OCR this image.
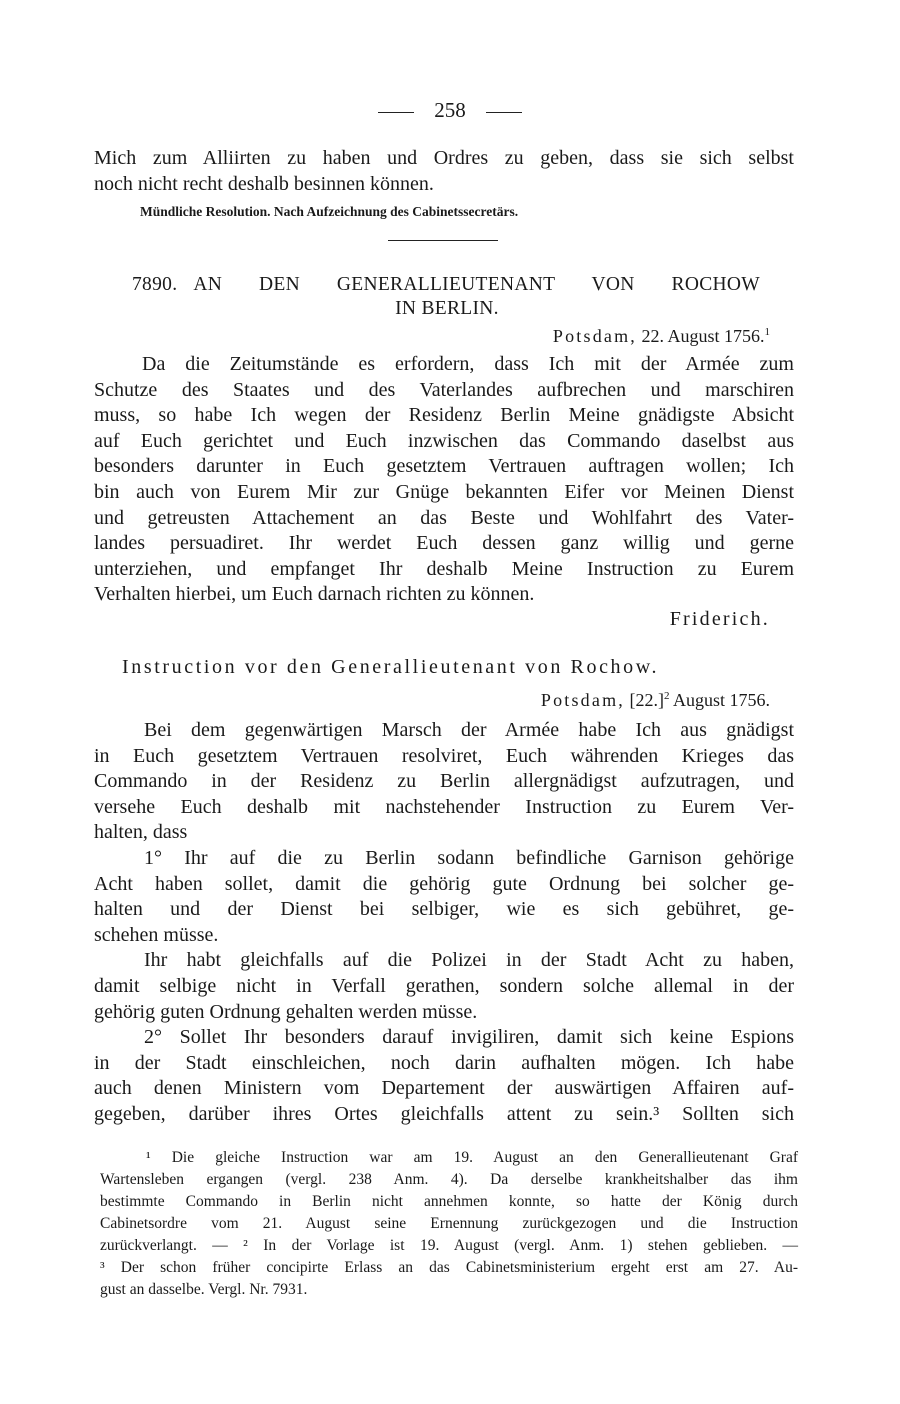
258
Mich zum Alliirten zu haben und Ordres zu geben, dass sie sich selbst
noch nicht recht deshalb besinnen können.
Mündliche Resolution. Nach Aufzeichnung des Cabinetssecretärs.
7890. AN DEN GENERALLIEUTENANT VON ROCHOW
IN BERLIN.
Potsdam, 22. August 1756.$^1$
Da die Zeitumstände es erfordern, dass Ich mit der Armée zum
Schutze des Staates und des Vaterlandes aufbrechen und marschiren
muss, so habe Ich wegen der Residenz Berlin Meine gnädigste Absicht
auf Euch gerichtet und Euch inzwischen das Commando daselbst aus
besonders darunter in Euch gesetztem Vertrauen auftragen wollen; Ich
bin auch von Eurem Mir zur Gnüge bekannten Eifer vor Meinen Dienst
und getreusten Attachement an das Beste und Wohlfahrt des Vater-
landes persuadiret. Ihr werdet Euch dessen ganz willig und gerne
unterziehen, und empfanget Ihr deshalb Meine Instruction zu Eurem
Verhalten hierbei, um Euch darnach richten zu können.
Friderich.
Instruction vor den Generallieutenant von Rochow.
Potsdam, $[22.]^2$ August 1756.
Bei dem gegenwärtigen Marsch der Armée habe Ich aus gnädigst
in Euch gesetztem Vertrauen resolviret, Euch währenden Krieges das
Commando in der Residenz zu Berlin allergnädigst aufzutragen, und
versehe Euch deshalb mit nachstehender Instruction zu Eurem Ver-
halten, dass
1° Ihr auf die zu Berlin sodann befindliche Garnison gehörige
Acht haben sollet, damit die gehörig gute Ordnung bei solcher ge-
halten und der Dienst bei selbiger, wie es sich gebühret, ge-
schehen müsse.
Ihr habt gleichfalls auf die Polizei in der Stadt Acht zu haben,
damit selbige nicht in Verfall gerathen, sondern solche allemal in der
gehörig guten Ordnung gehalten werden müsse.
2° Sollet Ihr besonders darauf invigiliren, damit sich keine Espions
in der Stadt einschleichen, noch darin aufhalten mögen. Ich habe
auch denen Ministern vom Departement der auswärtigen Affairen auf-
gegeben, darüber ihres Ortes gleichfalls attent zu sein.³ Sollten sich
¹ Die gleiche Instruction war am 19. August an den Generallieutenant Graf
Wartensleben ergangen (vergl. 238 Anm. 4). Da derselbe krankheitshalber das ihm
bestimmte Commando in Berlin nicht annehmen konnte, so hatte der König durch
Cabinetsordre vom 21. August seine Ernennung zurückgezogen und die Instruction
zurückverlangt. — ² In der Vorlage ist 19. August (vergl. Anm. 1) stehen geblieben. —
³ Der schon früher concipirte Erlass an das Cabinetsministerium ergeht erst am 27. Au-
gust an dasselbe. Vergl. Nr. 7931.
